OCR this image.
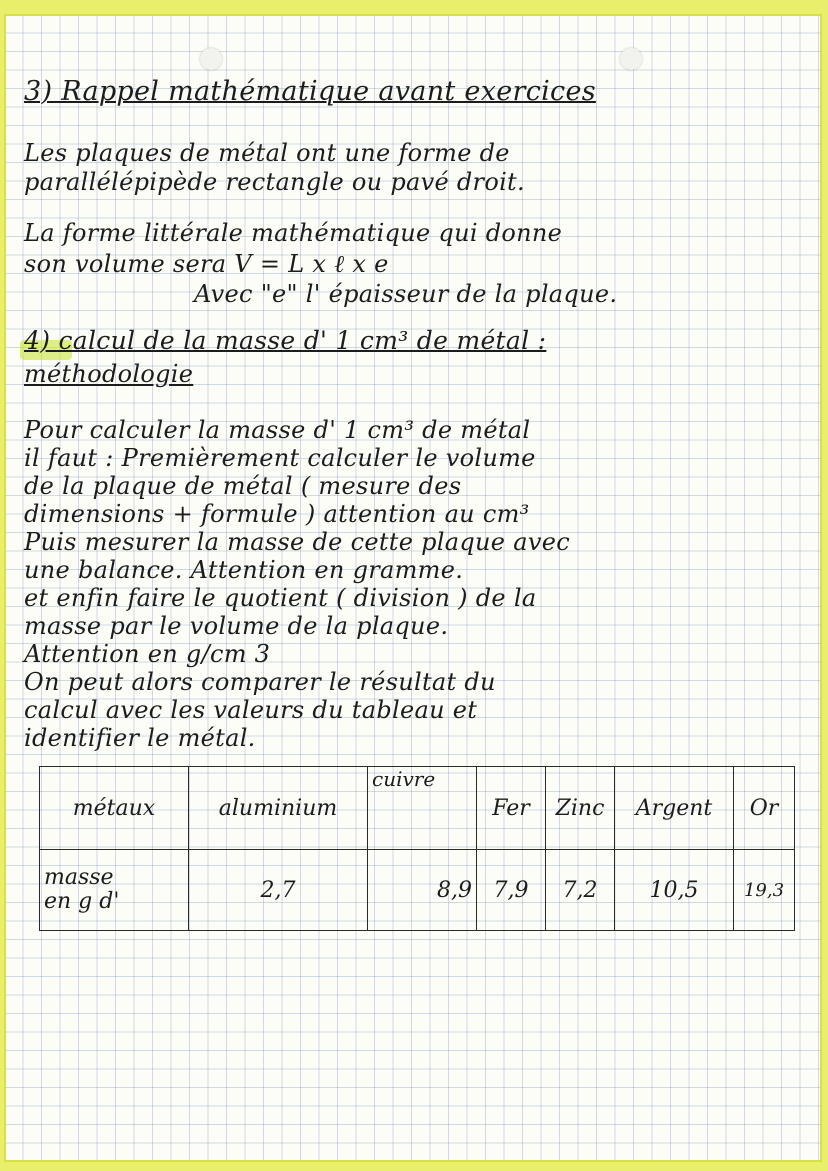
3) Rappel mathématique avant exercices
Les plaques de métal ont une forme de
parallélépipède rectangle ou pavé droit.
La forme littérale mathématique qui donne
son volume sera V = L x ℓ x e
Avec "e" l' épaisseur de la plaque.
4) calcul de la masse d' 1 cm³ de métal :
méthodologie
Pour calculer la masse d' 1 cm³ de métal
il faut : Premièrement calculer le volume
de la plaque de métal ( mesure des
dimensions + formule ) attention au cm³
Puis mesurer la masse de cette plaque avec
une balance. Attention en gramme.
et enfin faire le quotient ( division ) de la
masse par le volume de la plaque.
Attention en g/cm 3
On peut alors comparer le résultat du
calcul avec les valeurs du tableau et
identifier le métal.
métaux	aluminium	cuivre	Fer	Zinc	Argent	Or
masse
en g d'	2,7	8,9	7,9	7,2	10,5	19,3
